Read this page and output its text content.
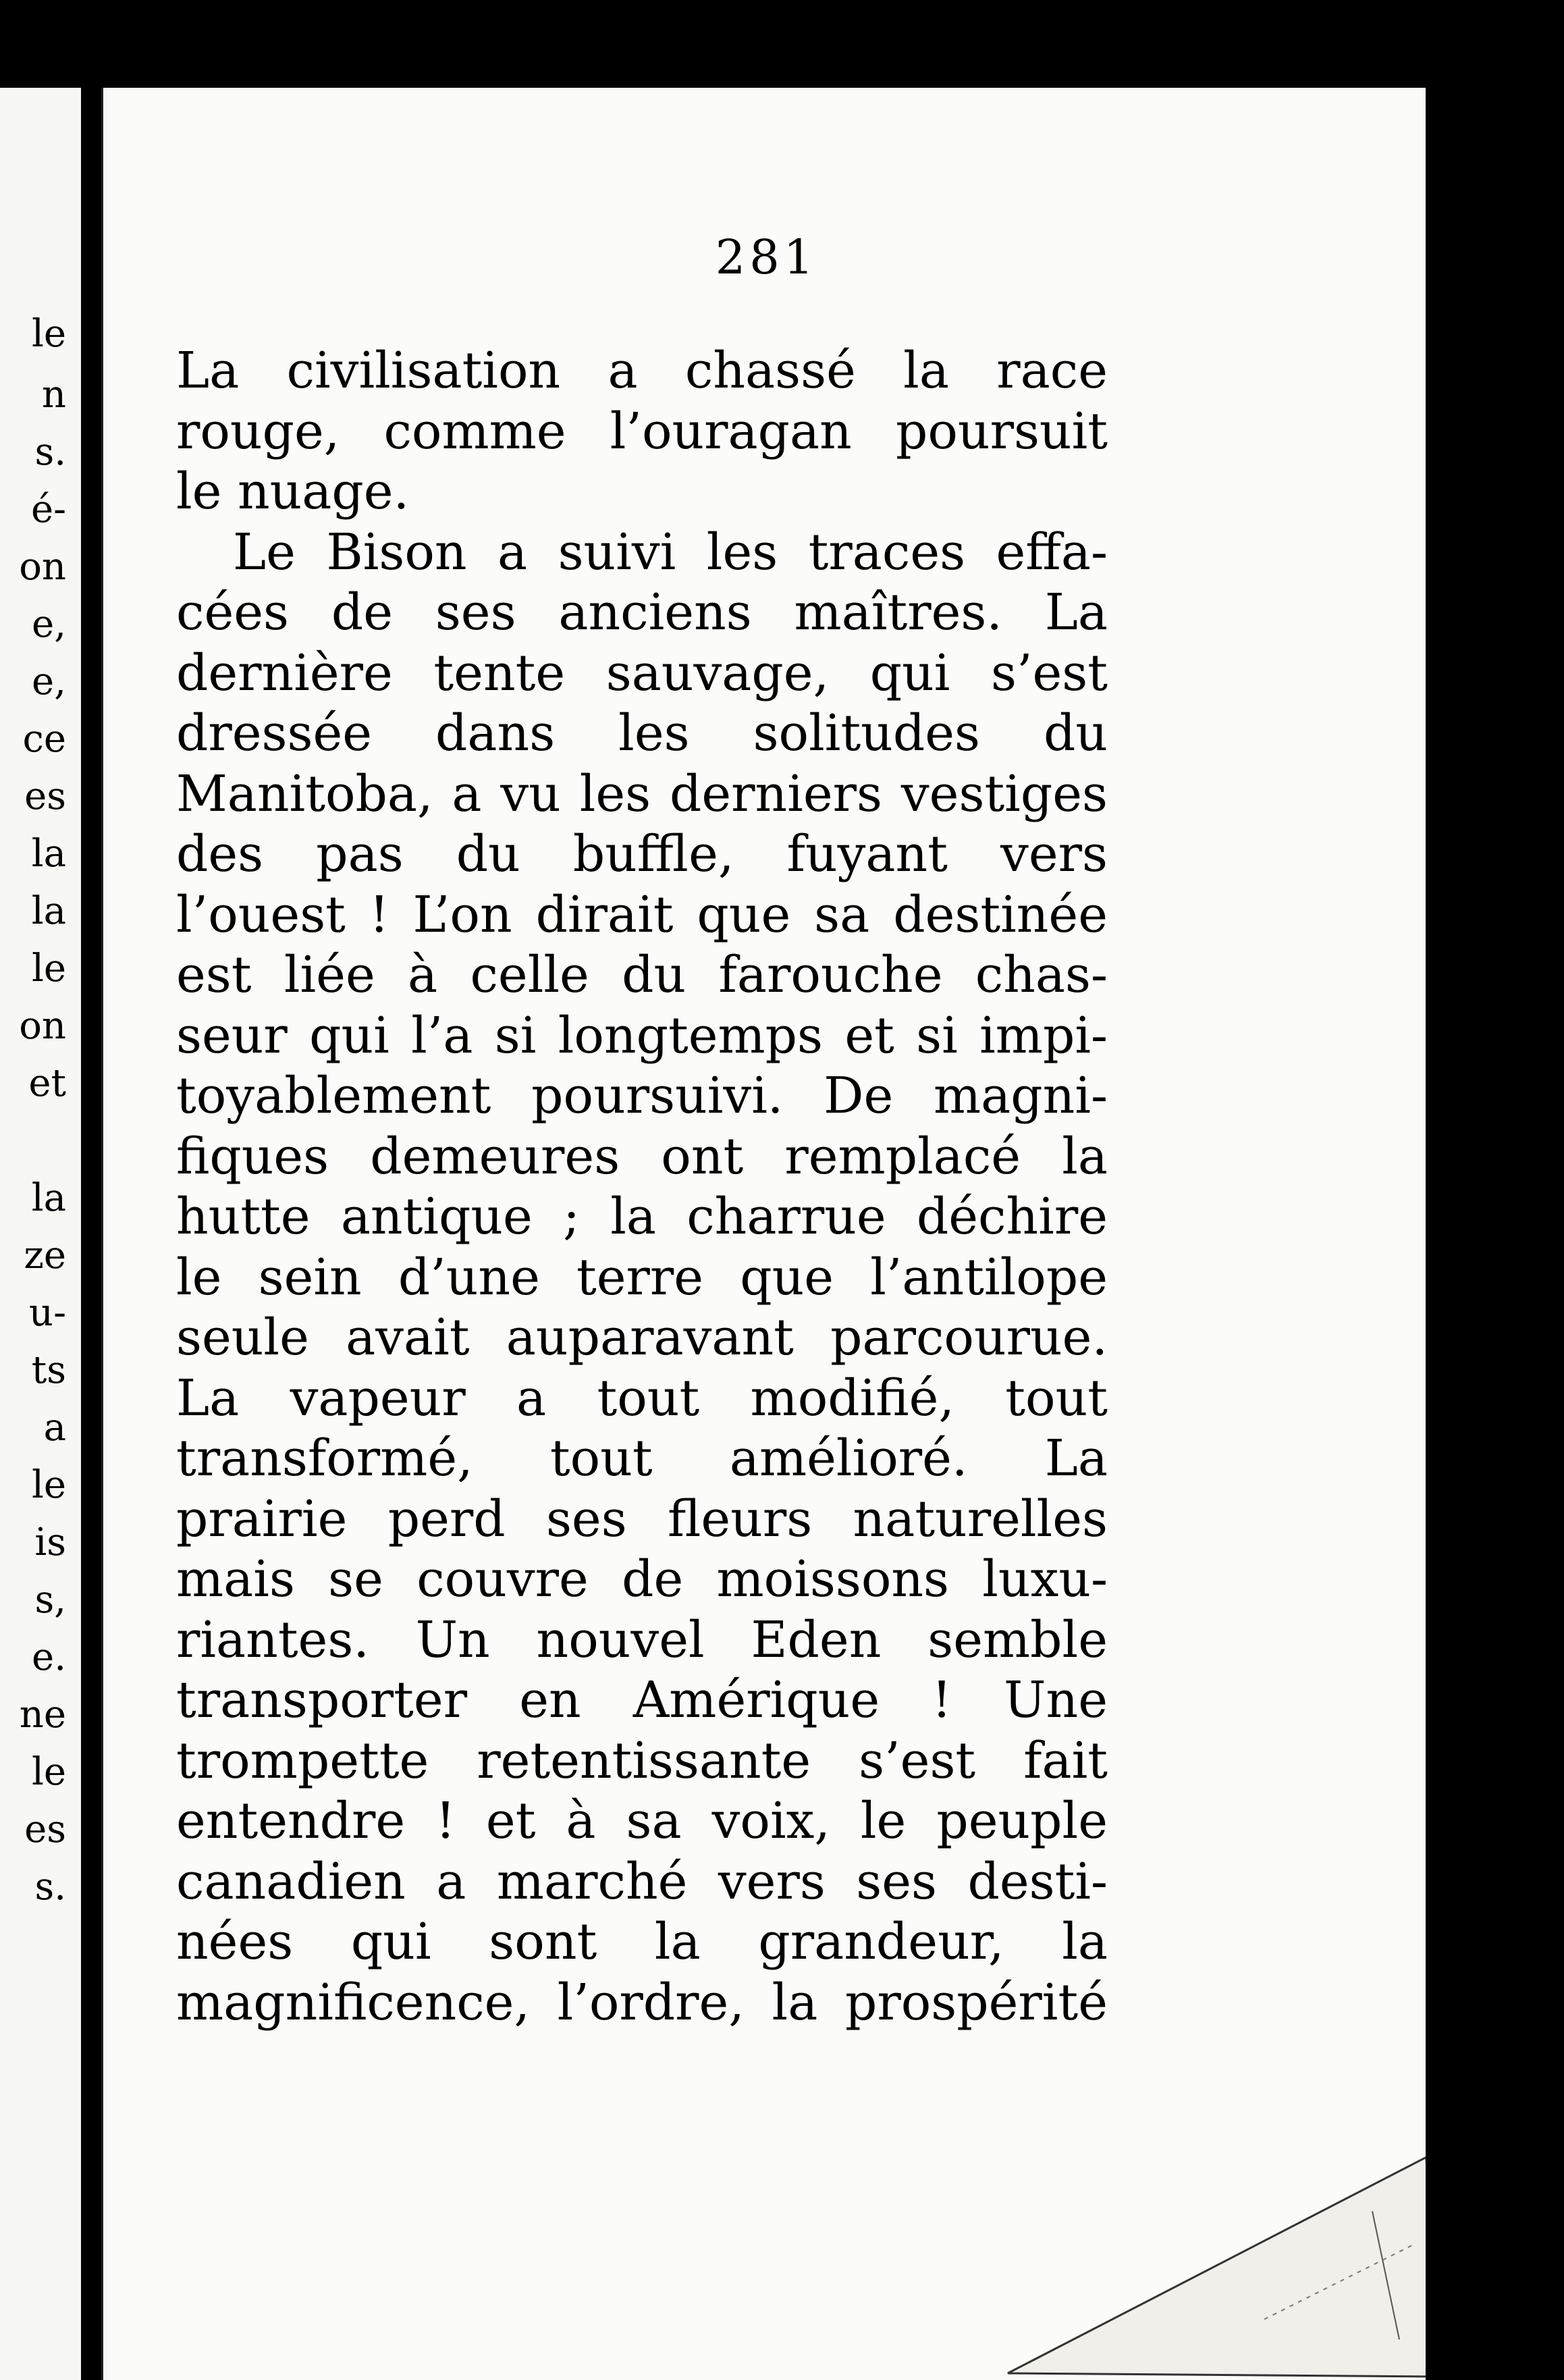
le
n
s.
é-
on
e,
e,
ce
es
la
la
le
on
et
la
ze
u-
ts
a
le
is
s,
e.
ne
le
es
s.
281
La civilisation a chassé la race
rouge, comme l’ouragan poursuit
le nuage.
Le Bison a suivi les traces effa-
cées de ses anciens maîtres. La
dernière tente sauvage, qui s’est
dressée dans les solitudes du
Manitoba, a vu les derniers vestiges
des pas du buffle, fuyant vers
l’ouest ! L’on dirait que sa destinée
est liée à celle du farouche chas-
seur qui l’a si longtemps et si impi-
toyablement poursuivi. De magni-
fiques demeures ont remplacé la
hutte antique ; la charrue déchire
le sein d’une terre que l’antilope
seule avait auparavant parcourue.
La vapeur a tout modifié, tout
transformé, tout amélioré. La
prairie perd ses fleurs naturelles
mais se couvre de moissons luxu-
riantes. Un nouvel Eden semble
transporter en Amérique ! Une
trompette retentissante s’est fait
entendre ! et à sa voix, le peuple
canadien a marché vers ses desti-
nées qui sont la grandeur, la
magnificence, l’ordre, la prospérité
